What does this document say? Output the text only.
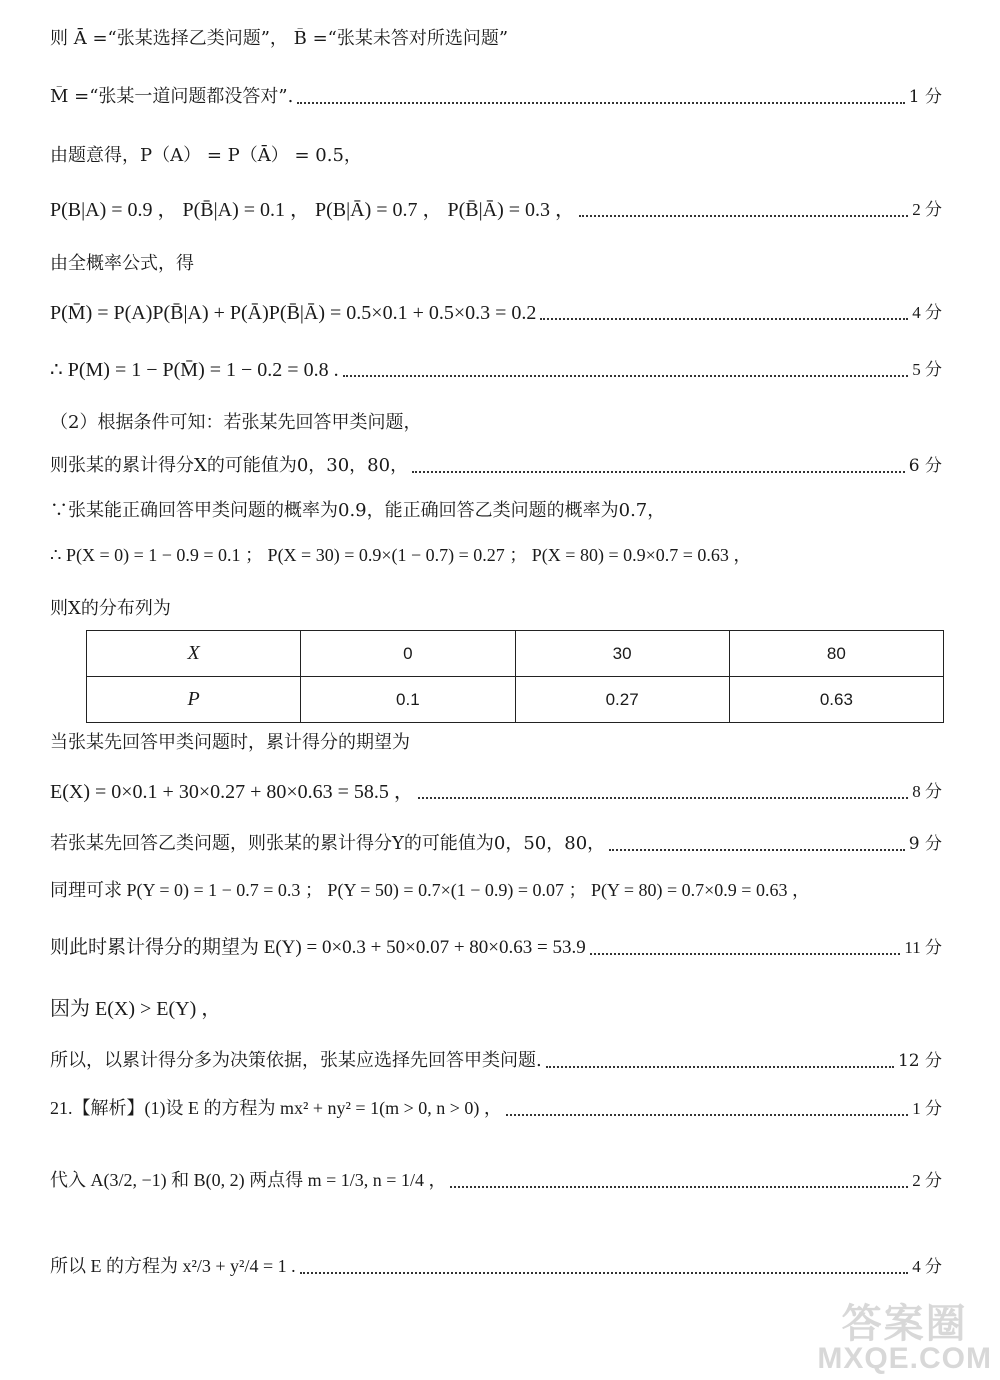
则 Ā =“张某选择乙类问题”， B̄ =“张某未答对所选问题”
M̄ =“张某一道问题都没答对”.	1 分
由题意得，P（A） = P（Ā） = 0.5，
P(B|A) = 0.9 ， P(B̄|A) = 0.1 ， P(B|Ā) = 0.7 ， P(B̄|Ā) = 0.3 ，	2 分
由全概率公式，得
P(M̄) = P(A)P(B̄|A) + P(Ā)P(B̄|Ā) = 0.5×0.1 + 0.5×0.3 = 0.2	4 分
∴ P(M) = 1 − P(M̄) = 1 − 0.2 = 0.8 .	5 分
（2）根据条件可知：若张某先回答甲类问题，
则张某的累计得分X的可能值为0，30，80，	6 分
∵张某能正确回答甲类问题的概率为0.9，能正确回答乙类问题的概率为0.7，
∴ P(X = 0) = 1 − 0.9 = 0.1 ； P(X = 30) = 0.9×(1 − 0.7) = 0.27 ； P(X = 80) = 0.9×0.7 = 0.63 ，
则X的分布列为
X	0	30	80
P	0.1	0.27	0.63
当张某先回答甲类问题时，累计得分的期望为
E(X) = 0×0.1 + 30×0.27 + 80×0.63 = 58.5 ，	8 分
若张某先回答乙类问题，则张某的累计得分Y的可能值为0，50，80，	9 分
同理可求 P(Y = 0) = 1 − 0.7 = 0.3 ； P(Y = 50) = 0.7×(1 − 0.9) = 0.07 ； P(Y = 80) = 0.7×0.9 = 0.63 ，
则此时累计得分的期望为 E(Y) = 0×0.3 + 50×0.07 + 80×0.63 = 53.9	11 分
因为 E(X) > E(Y) ，
所以，以累计得分多为决策依据，张某应选择先回答甲类问题.	12 分
21.【解析】(1)设 E 的方程为 mx² + ny² = 1(m > 0, n > 0) ，	1 分
代入 A(3/2, −1) 和 B(0, 2) 两点得 m = 1/3, n = 1/4 ，	2 分
所以 E 的方程为 x²/3 + y²/4 = 1 .	4 分
答案圈
MXQE.COM
